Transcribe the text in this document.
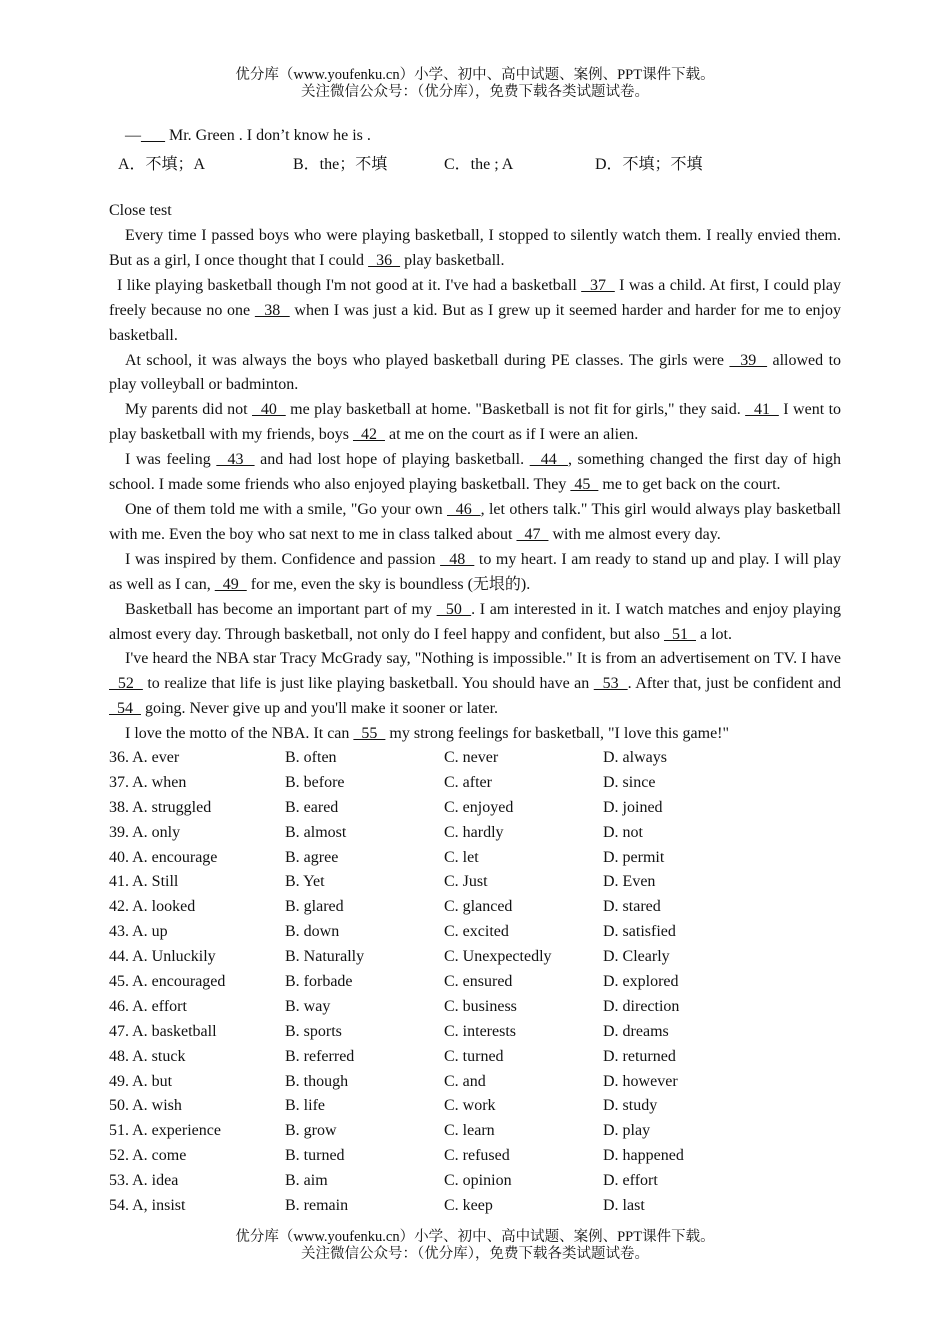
优分库（www.youfenku.cn）小学、初中、高中试题、案例、PPT课件下载。
关注微信公众号：（优分库），免费下载各类试题试卷。
—___ Mr. Green . I don’t know he is .
A．不填；A	B．the；不填	C．the ; A	D．不填；不填
Close test

Every time I passed boys who were playing basketball, I stopped to silently watch them. I really envied them. But as a girl, I once thought that I could   36   play basketball.

I like playing basketball though I'm not good at it. I've had a basketball   37   I was a child. At first, I could play freely because no one   38   when I was just a kid. But as I grew up it seemed harder and harder for me to enjoy basketball.

At school, it was always the boys who played basketball during PE classes. The girls were   39   allowed to play volleyball or badminton.

My parents did not   40   me play basketball at home. "Basketball is not fit for girls," they said.   41   I went to play basketball with my friends, boys   42   at me on the court as if I were an alien.

I was feeling   43   and had lost hope of playing basketball.   44  , something changed the first day of high school. I made some friends who also enjoyed playing basketball. They  45   me to get back on the court.

One of them told me with a smile, "Go your own   46  , let others talk." This girl would always play basketball with me. Even the boy who sat next to me in class talked about   47   with me almost every day.

I was inspired by them. Confidence and passion   48   to my heart. I am ready to stand up and play. I will play as well as I can,   49   for me, even the sky is boundless (无垠的).

Basketball has become an important part of my   50  . I am interested in it. I watch matches and enjoy playing almost every day. Through basketball, not only do I feel happy and confident, but also   51   a lot.

I've heard the NBA star Tracy McGrady say, "Nothing is impossible." It is from an advertisement on TV. I have   52   to realize that life is just like playing basketball. You should have an   53  . After that, just be confident and   54   going. Never give up and you'll make it sooner or later.

I love the motto of the NBA. It can   55   my strong feelings for basketball, "I love this game!"

36. A. ever	B. often	C. never	D. always
37. A. when	B. before	C. after	D. since
38. A. struggled	B. eared	C. enjoyed	D. joined
39. A. only	B. almost	C. hardly	D. not
40. A. encourage	B. agree	C. let	D. permit
41. A. Still	B. Yet	C. Just	D. Even
42. A. looked	B. glared	C. glanced	D. stared
43. A. up	B. down	C. excited	D. satisfied
44. A. Unluckily	B. Naturally	C. Unexpectedly	D. Clearly
45. A. encouraged	B. forbade	C. ensured	D. explored
46. A. effort	B. way	C. business	D. direction
47. A. basketball	B. sports	C. interests	D. dreams
48. A. stuck	B. referred	C. turned	D. returned
49. A. but	B. though	C. and	D. however
50. A. wish	B. life	C. work	D. study
51. A. experience	B. grow	C. learn	D. play
52. A. come	B. turned	C. refused	D. happened
53. A. idea	B. aim	C. opinion	D. effort
54. A, insist	B. remain	C. keep	D. last
优分库（www.youfenku.cn）小学、初中、高中试题、案例、PPT课件下载。
关注微信公众号：（优分库），免费下载各类试题试卷。
